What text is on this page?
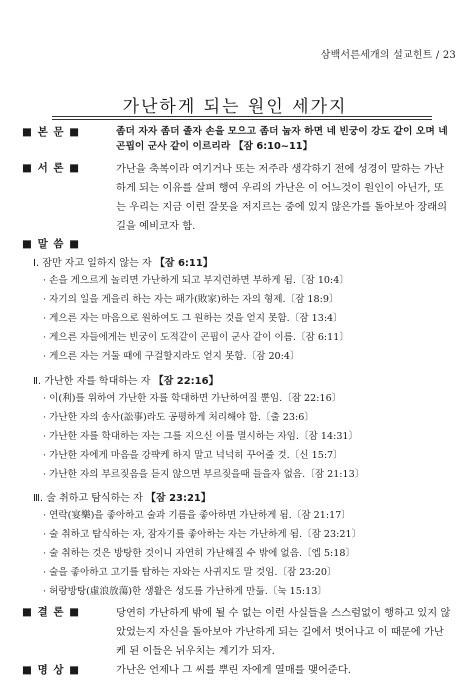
삼백서른세개의 설교힌트 / 23
가난하게 되는 원인 세가지
■ 본 문 ■	좀더 자자 좀더 졸자 손을 모으고 좀더 눕자 하면 네 빈궁이 강도 같이 오며 네 곤핍이 군사 같이 이르리라 【잠 6:10~11】
■ 서 론 ■	가난을 축복이라 여기거나 또는 저주라 생각하기 전에 성경이 말하는 가난하게 되는 이유를 살펴 행여 우리의 가난은 이 어느것이 원인이 아닌가, 또는 우리는 지금 이런 잘못을 저지르는 중에 있지 않은가를 돌아보아 장래의 길을 예비코자 함.
■ 말 씀 ■
Ⅰ. 잠만 자고 일하지 않는 자 【잠 6:11】
· 손을 게으르게 놀리면 가난하게 되고 부지런하면 부하게 됨.〔잠 10:4〕
· 자기의 일을 게을리 하는 자는 패가(敗家)하는 자의 형제.〔잠 18:9〕
· 게으른 자는 마음으로 원하여도 그 원하는 것을 얻지 못함.〔잠 13:4〕
· 게으른 자들에게는 빈궁이 도적같이 곤핍이 군사 같이 이름.〔잠 6:11〕
· 게으른 자는 거둘 때에 구걸할지라도 얻지 못함.〔잠 20:4〕
Ⅱ. 가난한 자를 학대하는 자 【잠 22:16】
· 이(利)를 위하여 가난한 자를 학대하면 가난하여질 뿐임.〔잠 22:16〕
· 가난한 자의 송사(訟事)라도 공평하게 처리해야 함.〔출 23:6〕
· 가난한 자를 학대하는 자는 그를 지으신 이를 멸시하는 자임.〔잠 14:31〕
· 가난한 자에게 마음을 강퍅케 하지 말고 넉넉히 꾸어줄 것.〔신 15:7〕
· 가난한 자의 부르짖음을 듣지 않으면 부르짖을때 들을자 없음.〔잠 21:13〕
Ⅲ. 술 취하고 탐식하는 자 【잠 23:21】
· 연락(宴樂)을 좋아하고 술과 기름을 좋아하면 가난하게 됨.〔잠 21:17〕
· 술 취하고 탐식하는 자, 잠자기를 좋아하는 자는 가난하게 됨.〔잠 23:21〕
· 술 취하는 것은 방탕한 것이니 자연히 가난해질 수 밖에 없음.〔엡 5:18〕
· 술을 좋아하고 고기를 탐하는 자와는 사귀지도 말 것임.〔잠 23:20〕
· 허랑방탕(虛浪放蕩)한 생활은 성도를 가난하게 만듦.〔눅 15:13〕
■ 결 론 ■	당연히 가난하게 밖에 될 수 없는 이런 사실들을 스스럼없이 행하고 있지 않았었는지 자신을 돌아보아 가난하게 되는 길에서 벗어나고 이 때문에 가난케 된 이들은 뉘우치는 계기가 되자.
■ 명 상 ■	가난은 언제나 그 씨를 뿌린 자에게 열매를 맺어준다.
